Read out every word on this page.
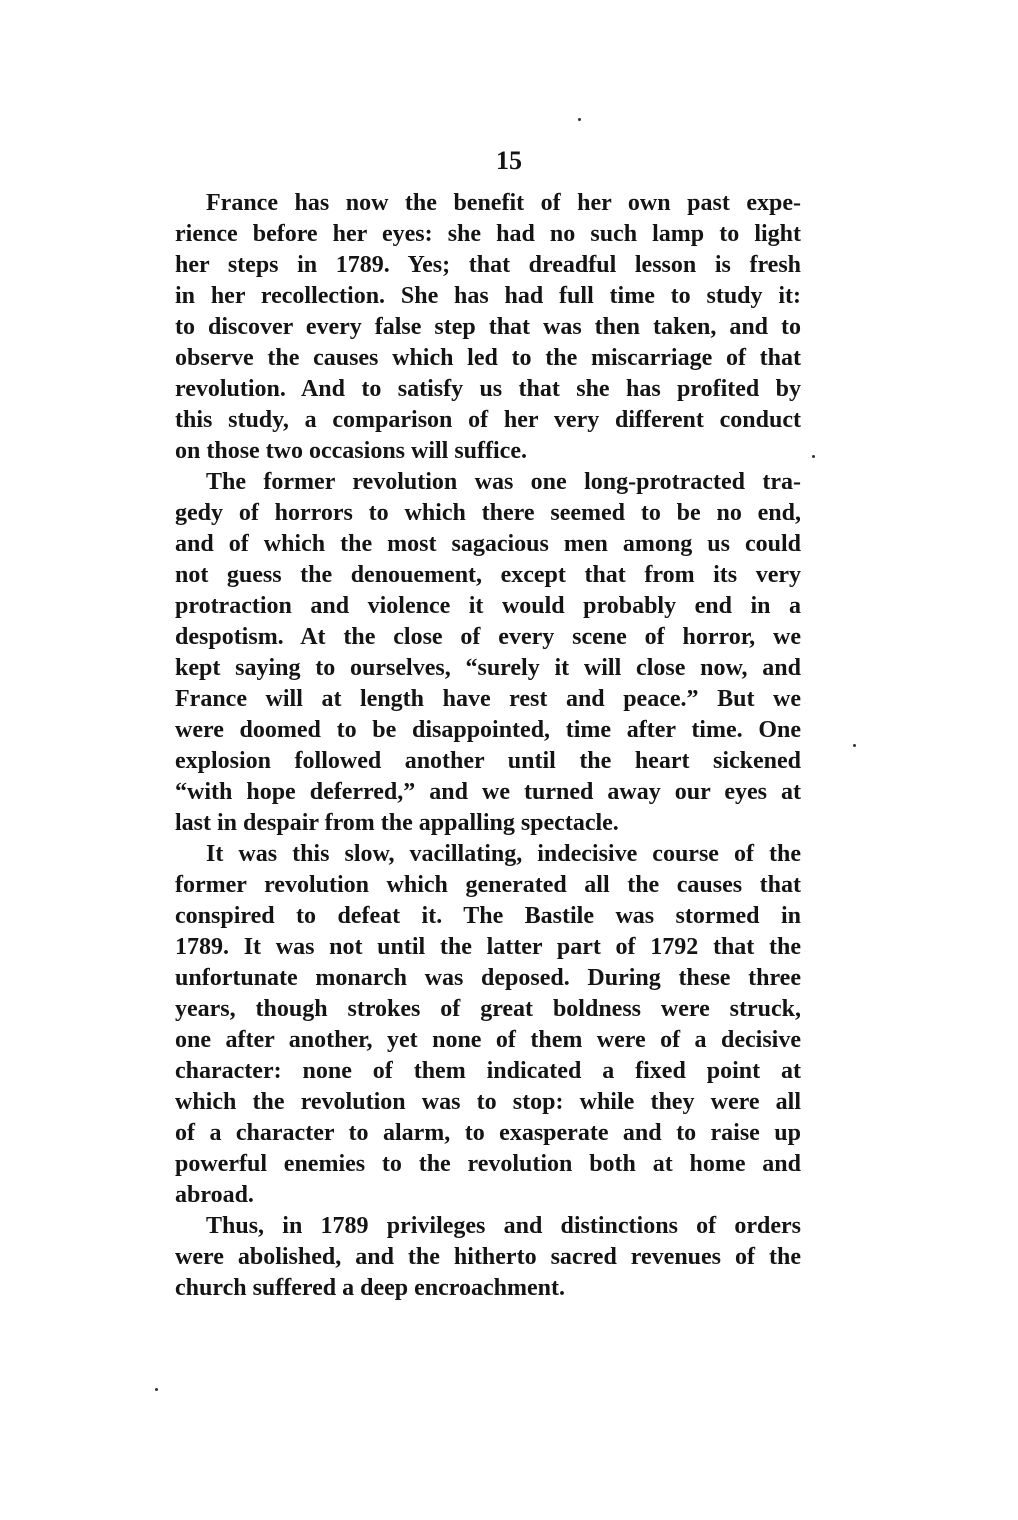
15
France has now the benefit of her own past expe-
rience before her eyes: she had no such lamp to light
her steps in 1789. Yes; that dreadful lesson is fresh
in her recollection. She has had full time to study it:
to discover every false step that was then taken, and to
observe the causes which led to the miscarriage of that
revolution. And to satisfy us that she has profited by
this study, a comparison of her very different conduct
on those two occasions will suffice.
The former revolution was one long-protracted tra-
gedy of horrors to which there seemed to be no end,
and of which the most sagacious men among us could
not guess the denouement, except that from its very
protraction and violence it would probably end in a
despotism. At the close of every scene of horror, we
kept saying to ourselves, “surely it will close now, and
France will at length have rest and peace.” But we
were doomed to be disappointed, time after time. One
explosion followed another until the heart sickened
“with hope deferred,” and we turned away our eyes at
last in despair from the appalling spectacle.
It was this slow, vacillating, indecisive course of the
former revolution which generated all the causes that
conspired to defeat it. The Bastile was stormed in
1789. It was not until the latter part of 1792 that the
unfortunate monarch was deposed. During these three
years, though strokes of great boldness were struck,
one after another, yet none of them were of a decisive
character: none of them indicated a fixed point at
which the revolution was to stop: while they were all
of a character to alarm, to exasperate and to raise up
powerful enemies to the revolution both at home and
abroad.
Thus, in 1789 privileges and distinctions of orders
were abolished, and the hitherto sacred revenues of the
church suffered a deep encroachment.
